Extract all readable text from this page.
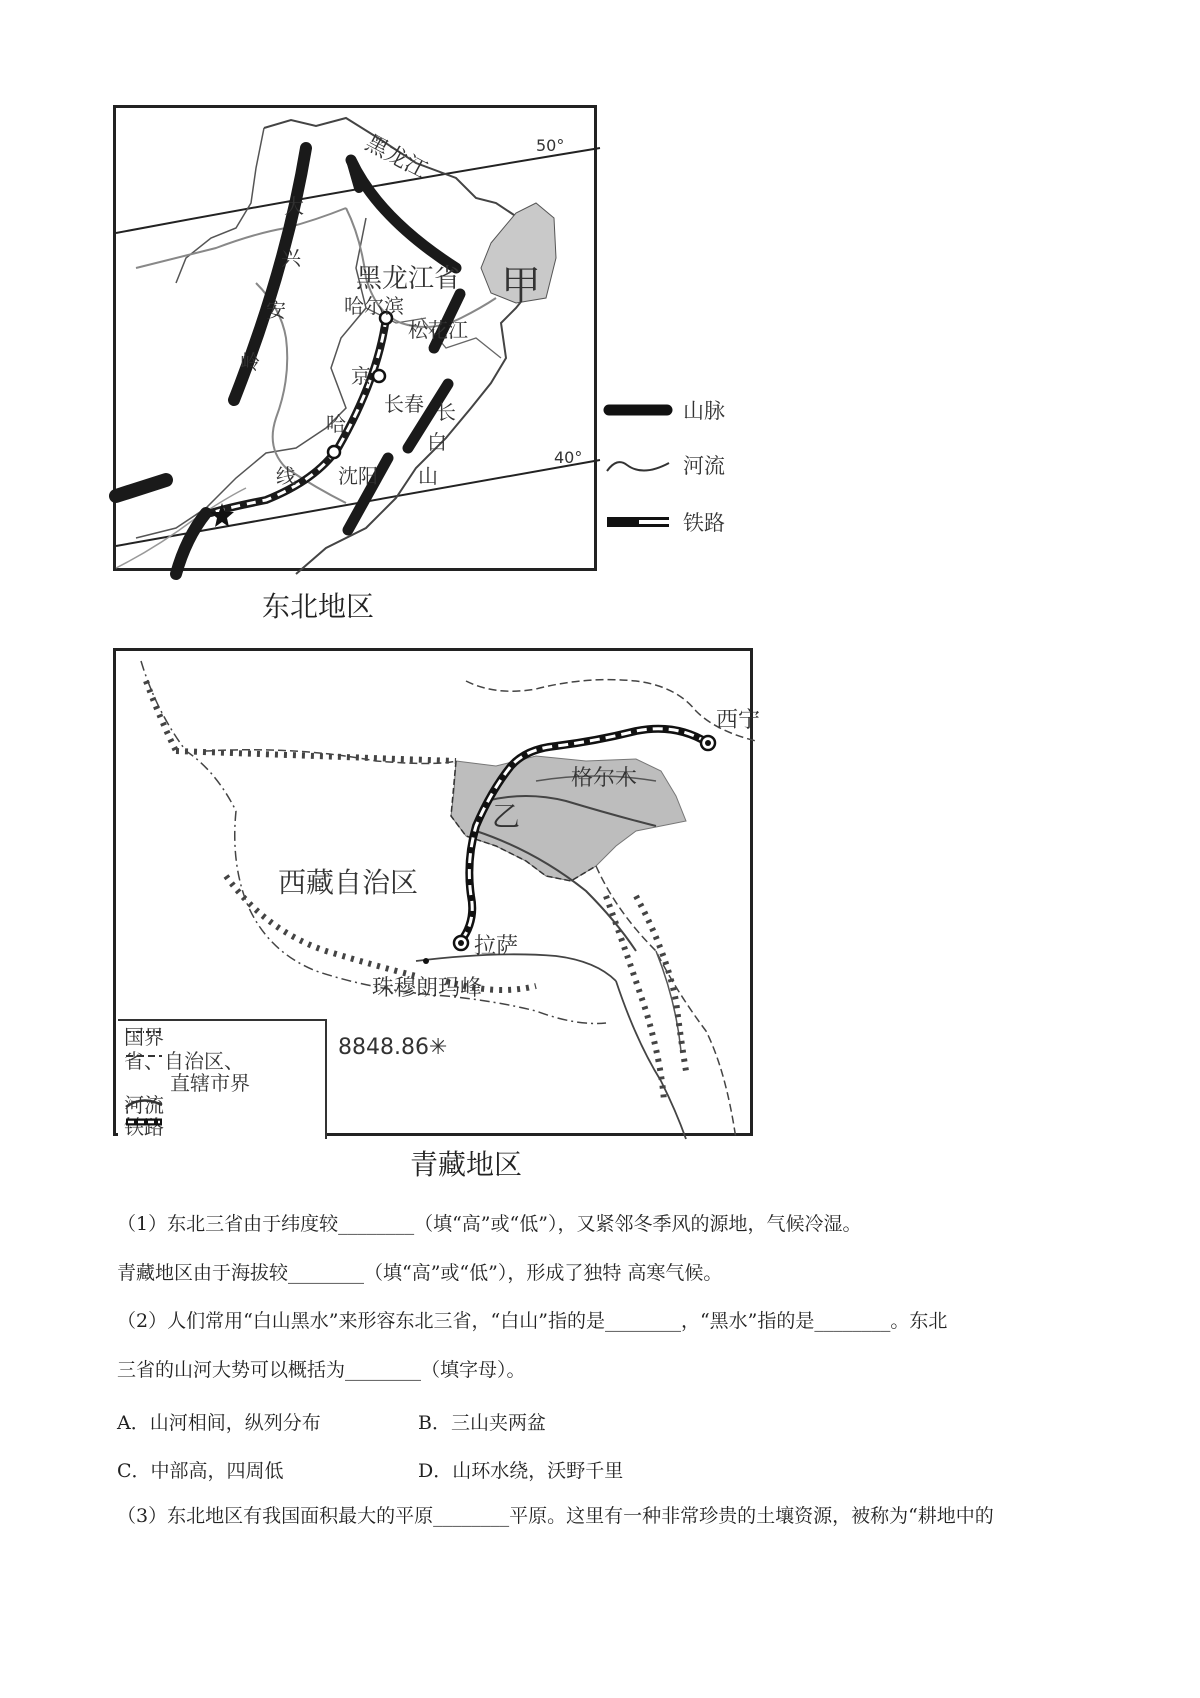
50°
40°
黑龙江
黑龙江省 甲
大
兴
安
岭
哈尔滨
松花江
京
哈
线
长春
沈阳
长
白
山
山脉
河流
铁路
东北地区
西宁
格尔木
乙
西藏自治区
拉萨
珠穆朗玛峰
8848.86✳
国界
省、自治区、
直辖市界
河流
铁路
青藏地区
（1）东北三省由于纬度较________（填“高”或“低”），又紧邻冬季风的源地，气候冷湿。
青藏地区由于海拔较________（填“高”或“低”），形成了独特 高寒气候。
（2）人们常用“白山黑水”来形容东北三省，“白山”指的是________，“黑水”指的是________。东北
三省的山河大势可以概括为________（填字母）。
A．山河相间，纵列分布	B．三山夹两盆
C．中部高，四周低	D．山环水绕，沃野千里
（3）东北地区有我国面积最大的平原________平原。这里有一种非常珍贵的土壤资源，被称为“耕地中的
